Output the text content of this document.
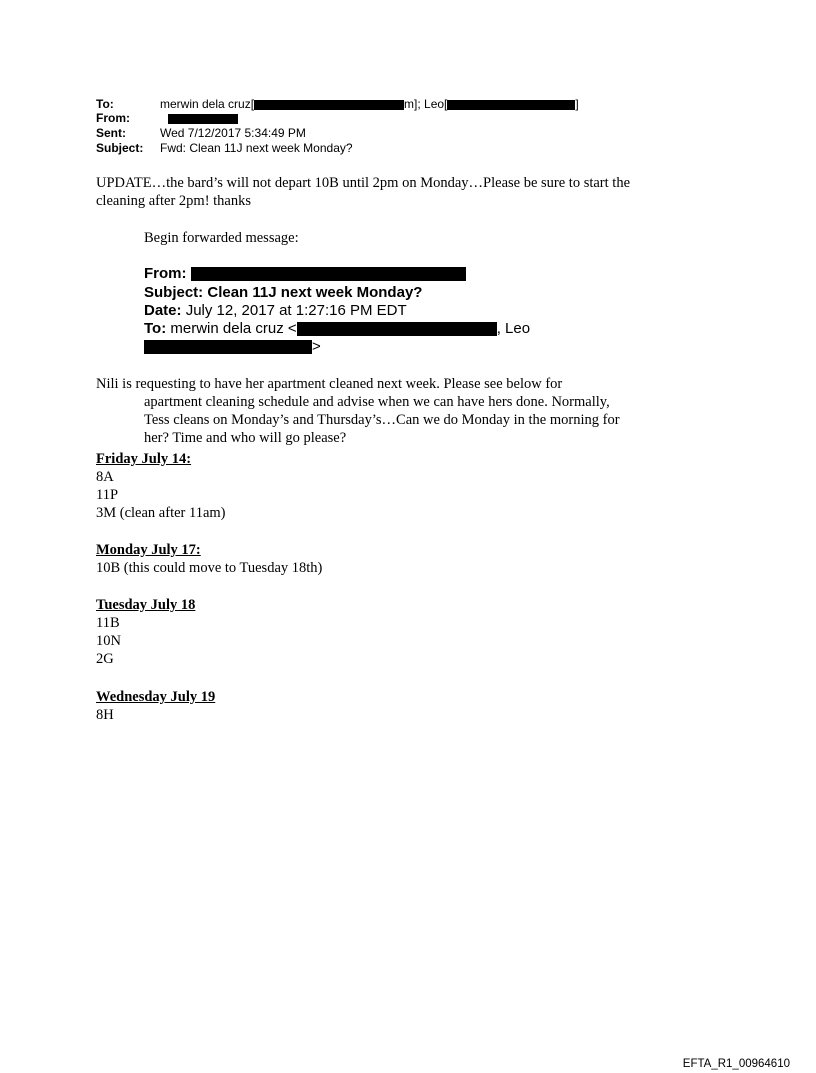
To:	merwin dela cruz[	m]; Leo[	]
From:
Sent:	Wed 7/12/2017 5:34:49 PM
Subject: Fwd: Clean 11J next week Monday?
UPDATE…the bard’s will not depart 10B until 2pm on Monday…Please be sure to start the
cleaning after 2pm! thanks
Begin forwarded message:
From:
Subject: Clean 11J next week Monday?
Date: July 12, 2017 at 1:27:16 PM EDT
To: merwin dela cruz <	, Leo
>
Nili is requesting to have her apartment cleaned next week. Please see below for
apartment cleaning schedule and advise when we can have hers done. Normally,
Tess cleans on Monday’s and Thursday’s…Can we do Monday in the morning for
her? Time and who will go please?
Friday July 14:
8A
11P
3M (clean after 11am)
Monday July 17:
10B (this could move to Tuesday 18th)
Tuesday July 18
11B
10N
2G
Wednesday July 19
8H
EFTA_R1_00964610
